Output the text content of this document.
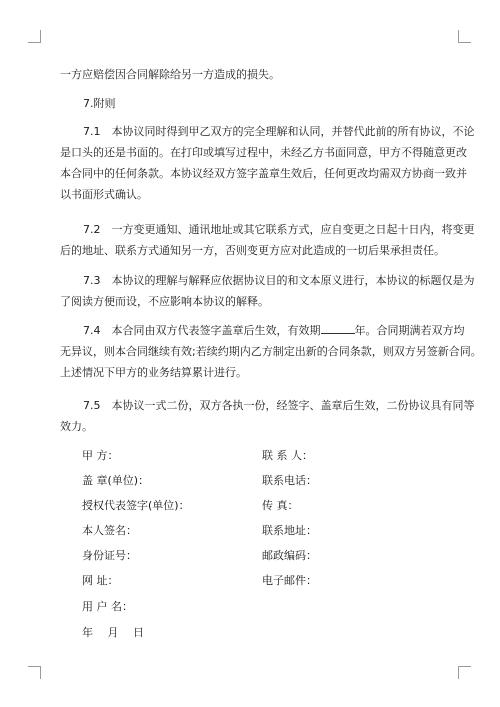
一方应赔偿因合同解除给另一方造成的损失。
7.附则
7.1　本协议同时得到甲乙双方的完全理解和认同，并替代此前的所有协议，不论
是口头的还是书面的。在打印或填写过程中，未经乙方书面同意，甲方不得随意更改
本合同中的任何条款。本协议经双方签字盖章生效后，任何更改均需双方协商一致并
以书面形式确认。
7.2　一方变更通知、通讯地址或其它联系方式，应自变更之日起十日内，将变更
后的地址、联系方式通知另一方，否则变更方应对此造成的一切后果承担责任。
7.3　本协议的理解与解释应依据协议目的和文本原义进行，本协议的标题仅是为
了阅读方便而设，不应影响本协议的解释。
7.4　本合同由双方代表签字盖章后生效，有效期	年。合同期满若双方均
无异议，则本合同继续有效;若续约期内乙方制定出新的合同条款，则双方另签新合同。
上述情况下甲方的业务结算累计进行。
7.5　本协议一式二份，双方各执一份，经签字、盖章后生效，二份协议具有同等
效力。
甲 方：
盖 章(单位)：
授权代表签字(单位)：
本人签名：
身份证号：
网 址：
用 户 名：
年　 月　 日
联 系 人：
联系电话：
传 真：
联系地址：
邮政编码：
电子邮件：
